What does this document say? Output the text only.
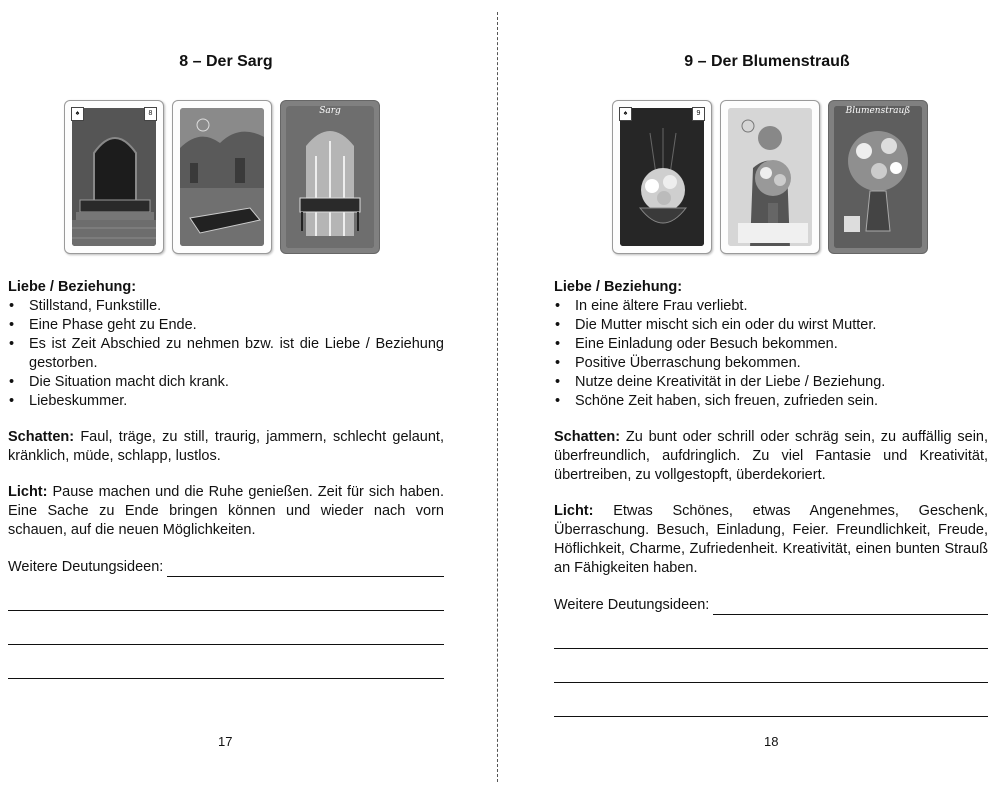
8 – Der Sarg
♠	8	Sarg
Liebe / Beziehung:
• Stillstand, Funkstille.
• Eine Phase geht zu Ende.
• Es ist Zeit Abschied zu nehmen bzw. ist die Liebe / Beziehung gestorben.
• Die Situation macht dich krank.
• Liebeskummer.
Schatten: Faul, träge, zu still, traurig, jammern, schlecht gelaunt, kränklich, müde, schlapp, lustlos.
Licht: Pause machen und die Ruhe genießen. Zeit für sich haben. Eine Sache zu Ende bringen können und wieder nach vorn schauen, auf die neuen Möglichkeiten.
Weitere Deutungsideen:
17
9 – Der Blumenstrauß
♠	9	Blumenstrauß
Liebe / Beziehung:
• In eine ältere Frau verliebt.
• Die Mutter mischt sich ein oder du wirst Mutter.
• Eine Einladung oder Besuch bekommen.
• Positive Überraschung bekommen.
• Nutze deine Kreativität in der Liebe / Beziehung.
• Schöne Zeit haben, sich freuen, zufrieden sein.
Schatten: Zu bunt oder schrill oder schräg sein, zu auffällig sein, überfreundlich, aufdringlich. Zu viel Fantasie und Kreativität, übertreiben, zu vollgestopft, überdekoriert.
Licht: Etwas Schönes, etwas Angenehmes, Geschenk, Überraschung. Besuch, Einladung, Feier. Freundlichkeit, Freude, Höflichkeit, Charme, Zufriedenheit. Kreativität, einen bunten Strauß an Fähigkeiten haben.
Weitere Deutungsideen:
18
